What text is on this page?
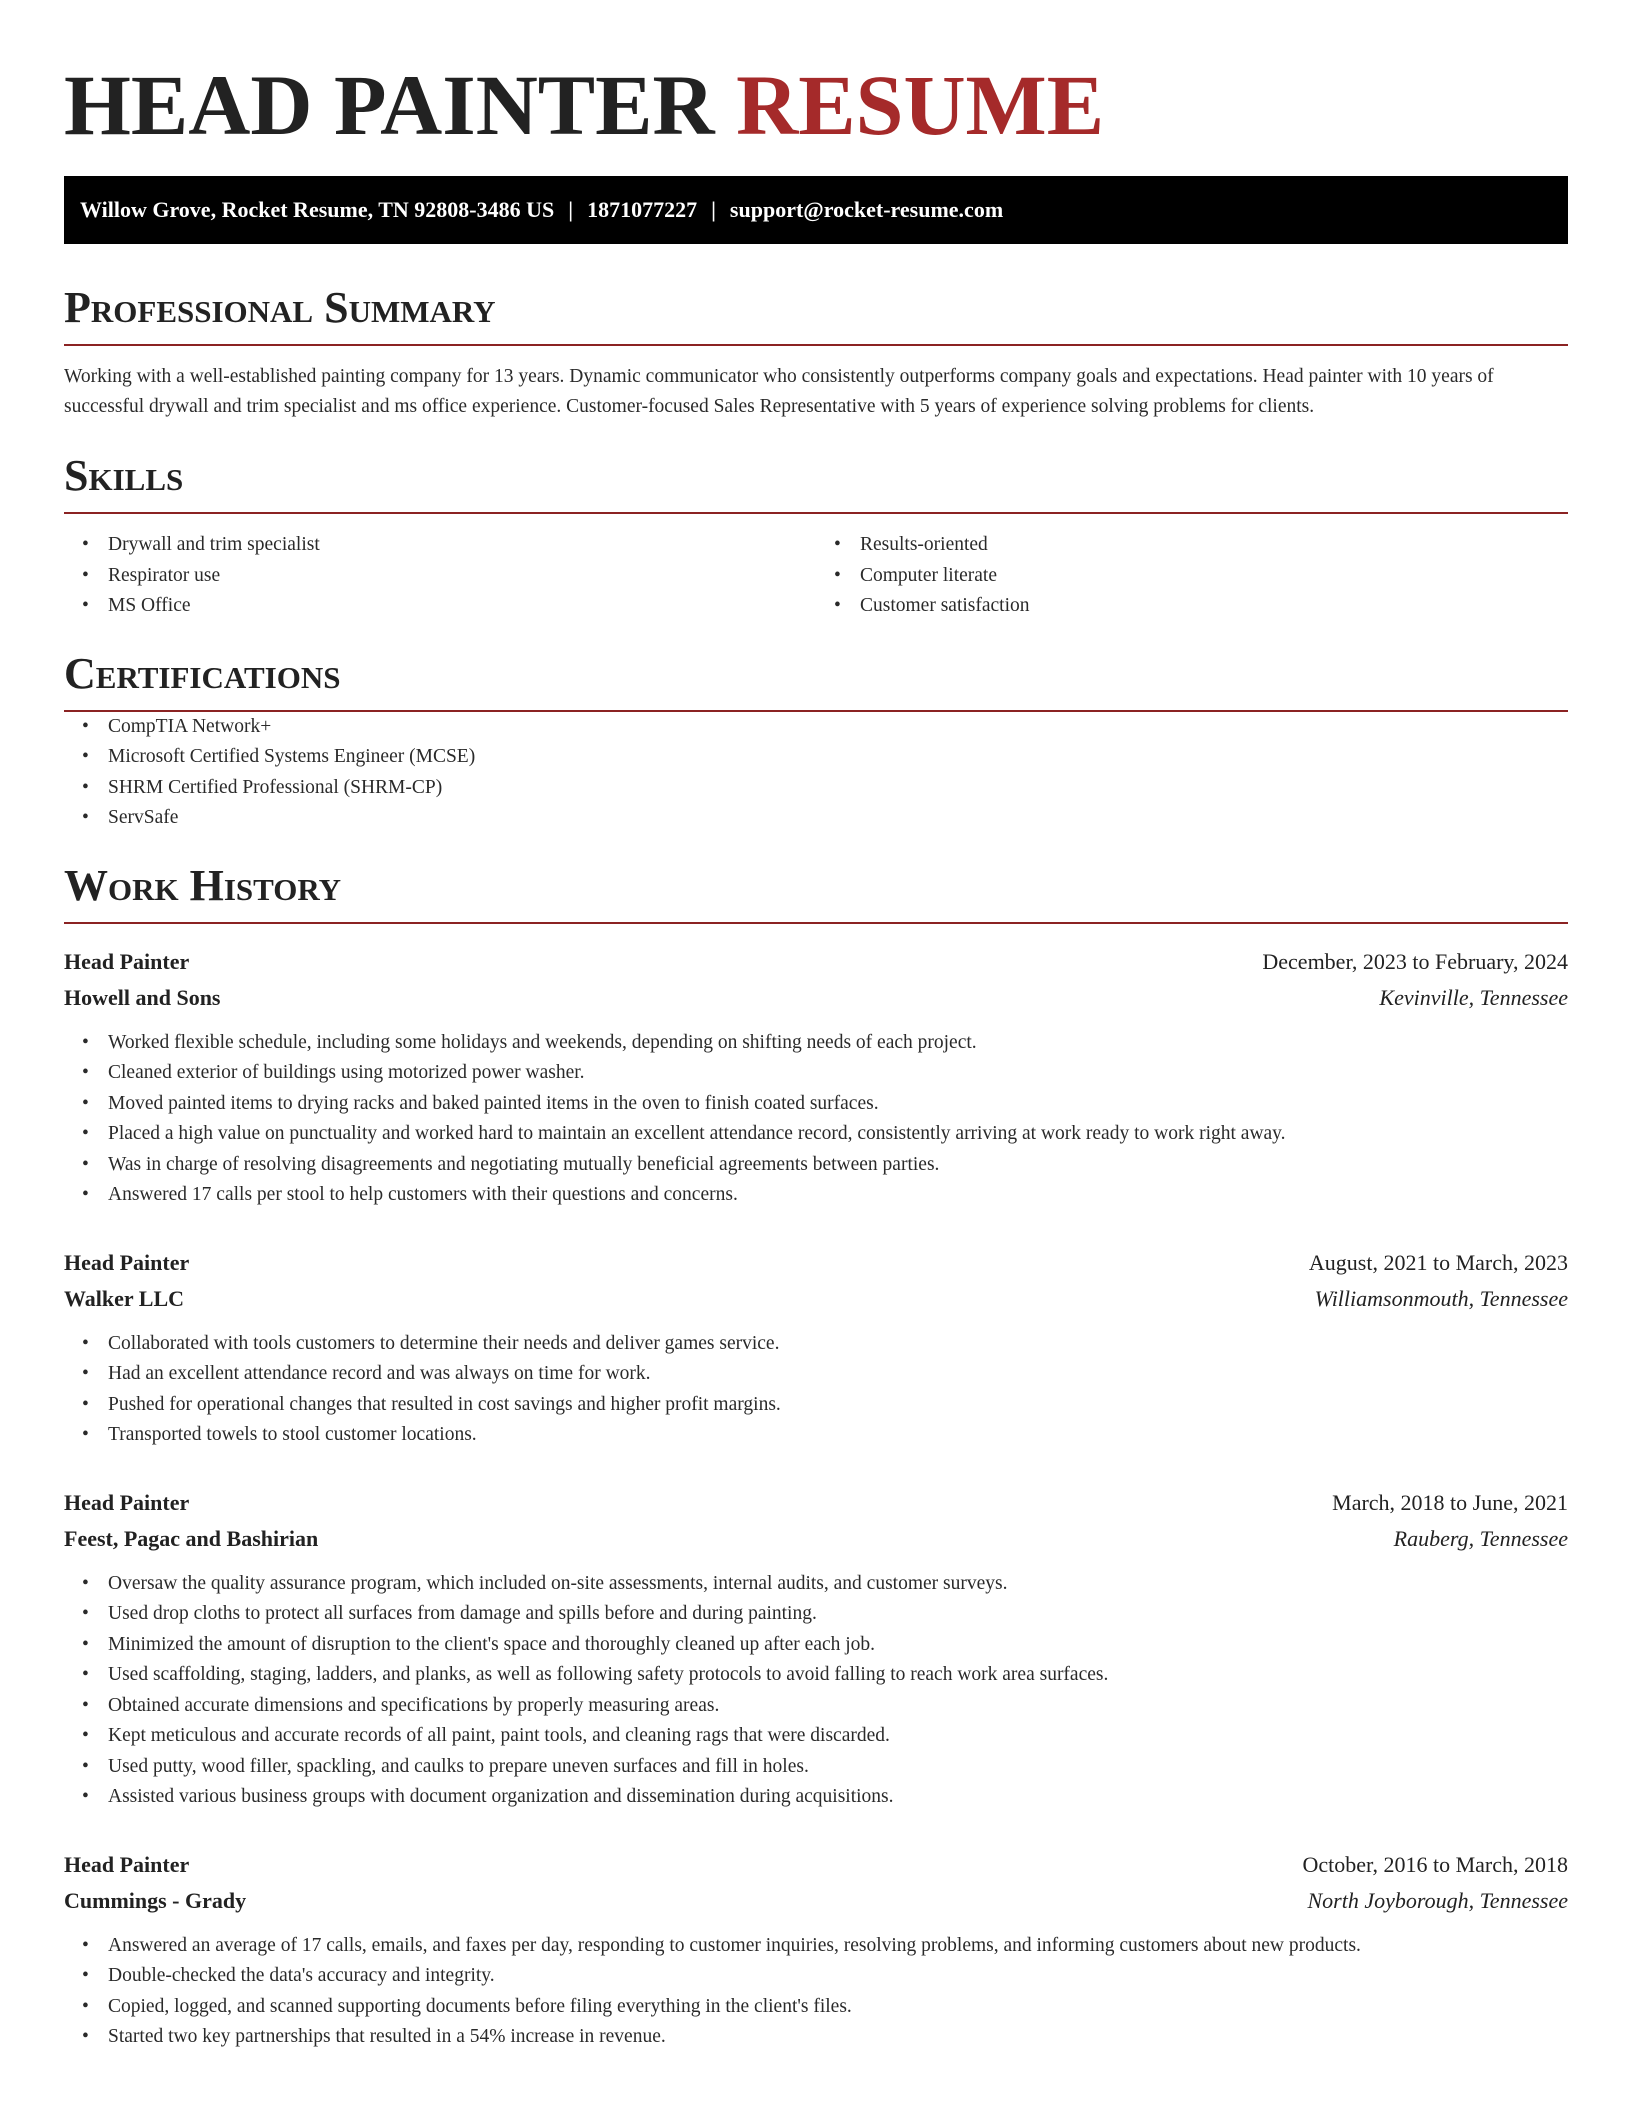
HEAD PAINTER RESUME
Willow Grove, Rocket Resume, TN 92808-3486 US | 1871077227 | support@rocket-resume.com
Professional Summary

Working with a well-established painting company for 13 years. Dynamic communicator who consistently outperforms company goals and expectations. Head painter with 10 years of successful drywall and trim specialist and ms office experience. Customer-focused Sales Representative with 5 years of experience solving problems for clients.

Skills
• Drywall and trim specialist
• Respirator use
• MS Office
• Results-oriented
• Computer literate
• Customer satisfaction
Certifications
• CompTIA Network+
• Microsoft Certified Systems Engineer (MCSE)
• SHRM Certified Professional (SHRM-CP)
• ServSafe
Work History
Head Painter	December, 2023 to February, 2024
Howell and Sons	Kevinville, Tennessee
• Worked flexible schedule, including some holidays and weekends, depending on shifting needs of each project.
• Cleaned exterior of buildings using motorized power washer.
• Moved painted items to drying racks and baked painted items in the oven to finish coated surfaces.
• Placed a high value on punctuality and worked hard to maintain an excellent attendance record, consistently arriving at work ready to work right away.
• Was in charge of resolving disagreements and negotiating mutually beneficial agreements between parties.
• Answered 17 calls per stool to help customers with their questions and concerns.
Head Painter	August, 2021 to March, 2023
Walker LLC	Williamsonmouth, Tennessee
• Collaborated with tools customers to determine their needs and deliver games service.
• Had an excellent attendance record and was always on time for work.
• Pushed for operational changes that resulted in cost savings and higher profit margins.
• Transported towels to stool customer locations.
Head Painter	March, 2018 to June, 2021
Feest, Pagac and Bashirian	Rauberg, Tennessee
• Oversaw the quality assurance program, which included on-site assessments, internal audits, and customer surveys.
• Used drop cloths to protect all surfaces from damage and spills before and during painting.
• Minimized the amount of disruption to the client's space and thoroughly cleaned up after each job.
• Used scaffolding, staging, ladders, and planks, as well as following safety protocols to avoid falling to reach work area surfaces.
• Obtained accurate dimensions and specifications by properly measuring areas.
• Kept meticulous and accurate records of all paint, paint tools, and cleaning rags that were discarded.
• Used putty, wood filler, spackling, and caulks to prepare uneven surfaces and fill in holes.
• Assisted various business groups with document organization and dissemination during acquisitions.
Head Painter	October, 2016 to March, 2018
Cummings - Grady	North Joyborough, Tennessee
• Answered an average of 17 calls, emails, and faxes per day, responding to customer inquiries, resolving problems, and informing customers about new products.
• Double-checked the data's accuracy and integrity.
• Copied, logged, and scanned supporting documents before filing everything in the client's files.
• Started two key partnerships that resulted in a 54% increase in revenue.
